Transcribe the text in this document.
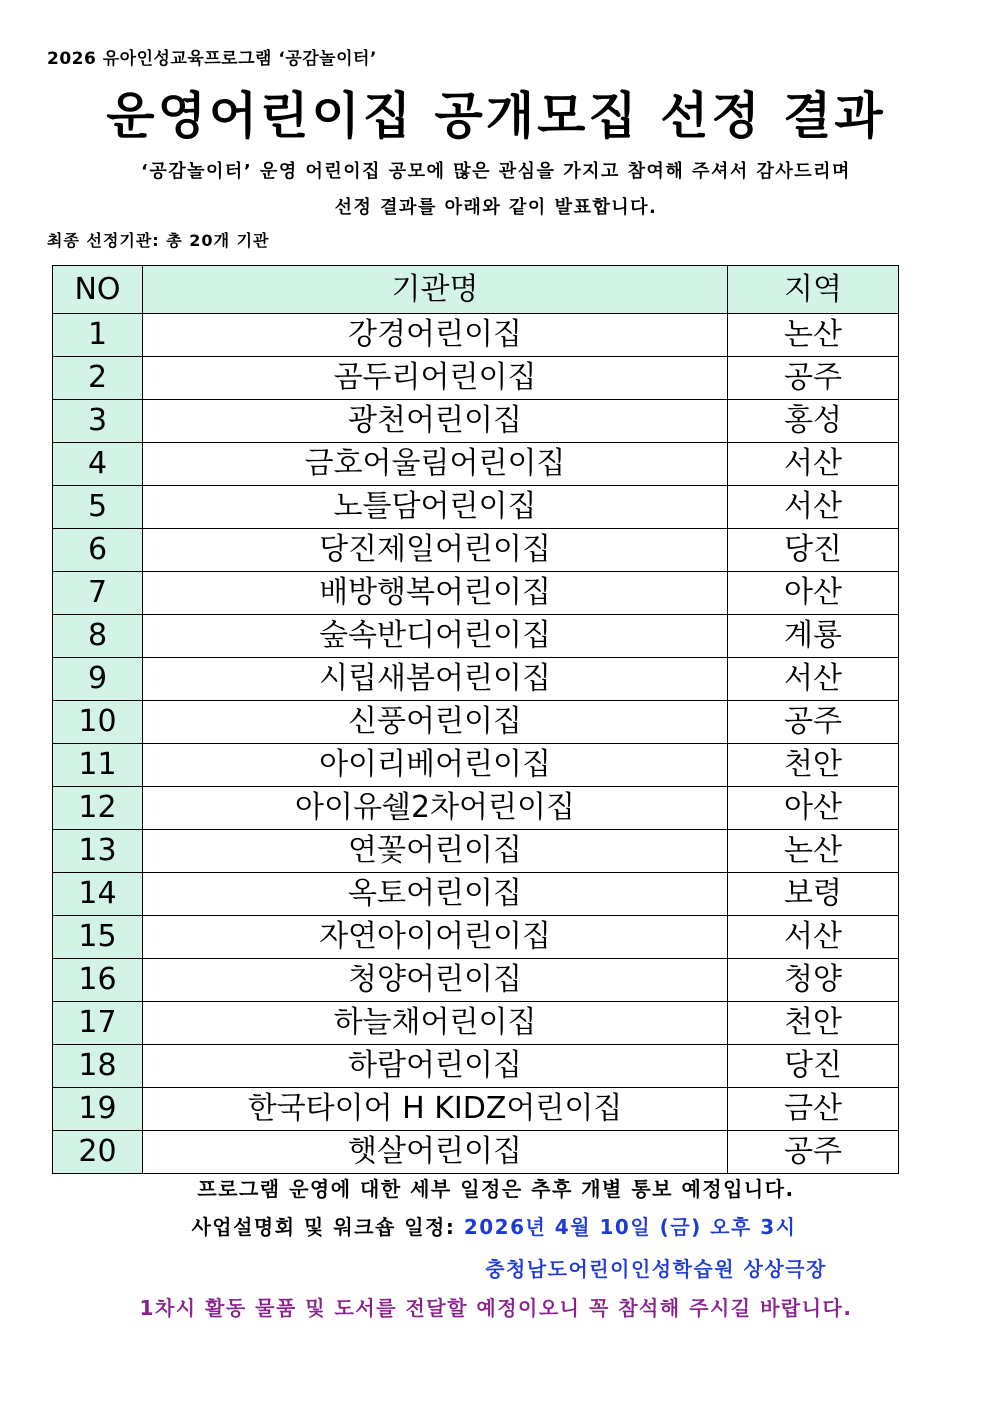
2026 유아인성교육프로그램 ‘공감놀이터’
운영어린이집 공개모집 선정 결과
‘공감놀이터’ 운영 어린이집 공모에 많은 관심을 가지고 참여해 주셔서 감사드리며
선정 결과를 아래와 같이 발표합니다.
최종 선정기관: 총 20개 기관
NO	기관명	지역
1	강경어린이집	논산
2	곰두리어린이집	공주
3	광천어린이집	홍성
4	금호어울림어린이집	서산
5	노틀담어린이집	서산
6	당진제일어린이집	당진
7	배방행복어린이집	아산
8	숲속반디어린이집	계룡
9	시립새봄어린이집	서산
10	신풍어린이집	공주
11	아이리베어린이집	천안
12	아이유쉘2차어린이집	아산
13	연꽃어린이집	논산
14	옥토어린이집	보령
15	자연아이어린이집	서산
16	청양어린이집	청양
17	하늘채어린이집	천안
18	하람어린이집	당진
19	한국타이어 H KIDZ어린이집	금산
20	햇살어린이집	공주
프로그램 운영에 대한 세부 일정은 추후 개별 통보 예정입니다.
사업설명회 및 워크숍 일정: 2026년 4월 10일 (금) 오후 3시
충청남도어린이인성학습원 상상극장
1차시 활동 물품 및 도서를 전달할 예정이오니 꼭 참석해 주시길 바랍니다.
